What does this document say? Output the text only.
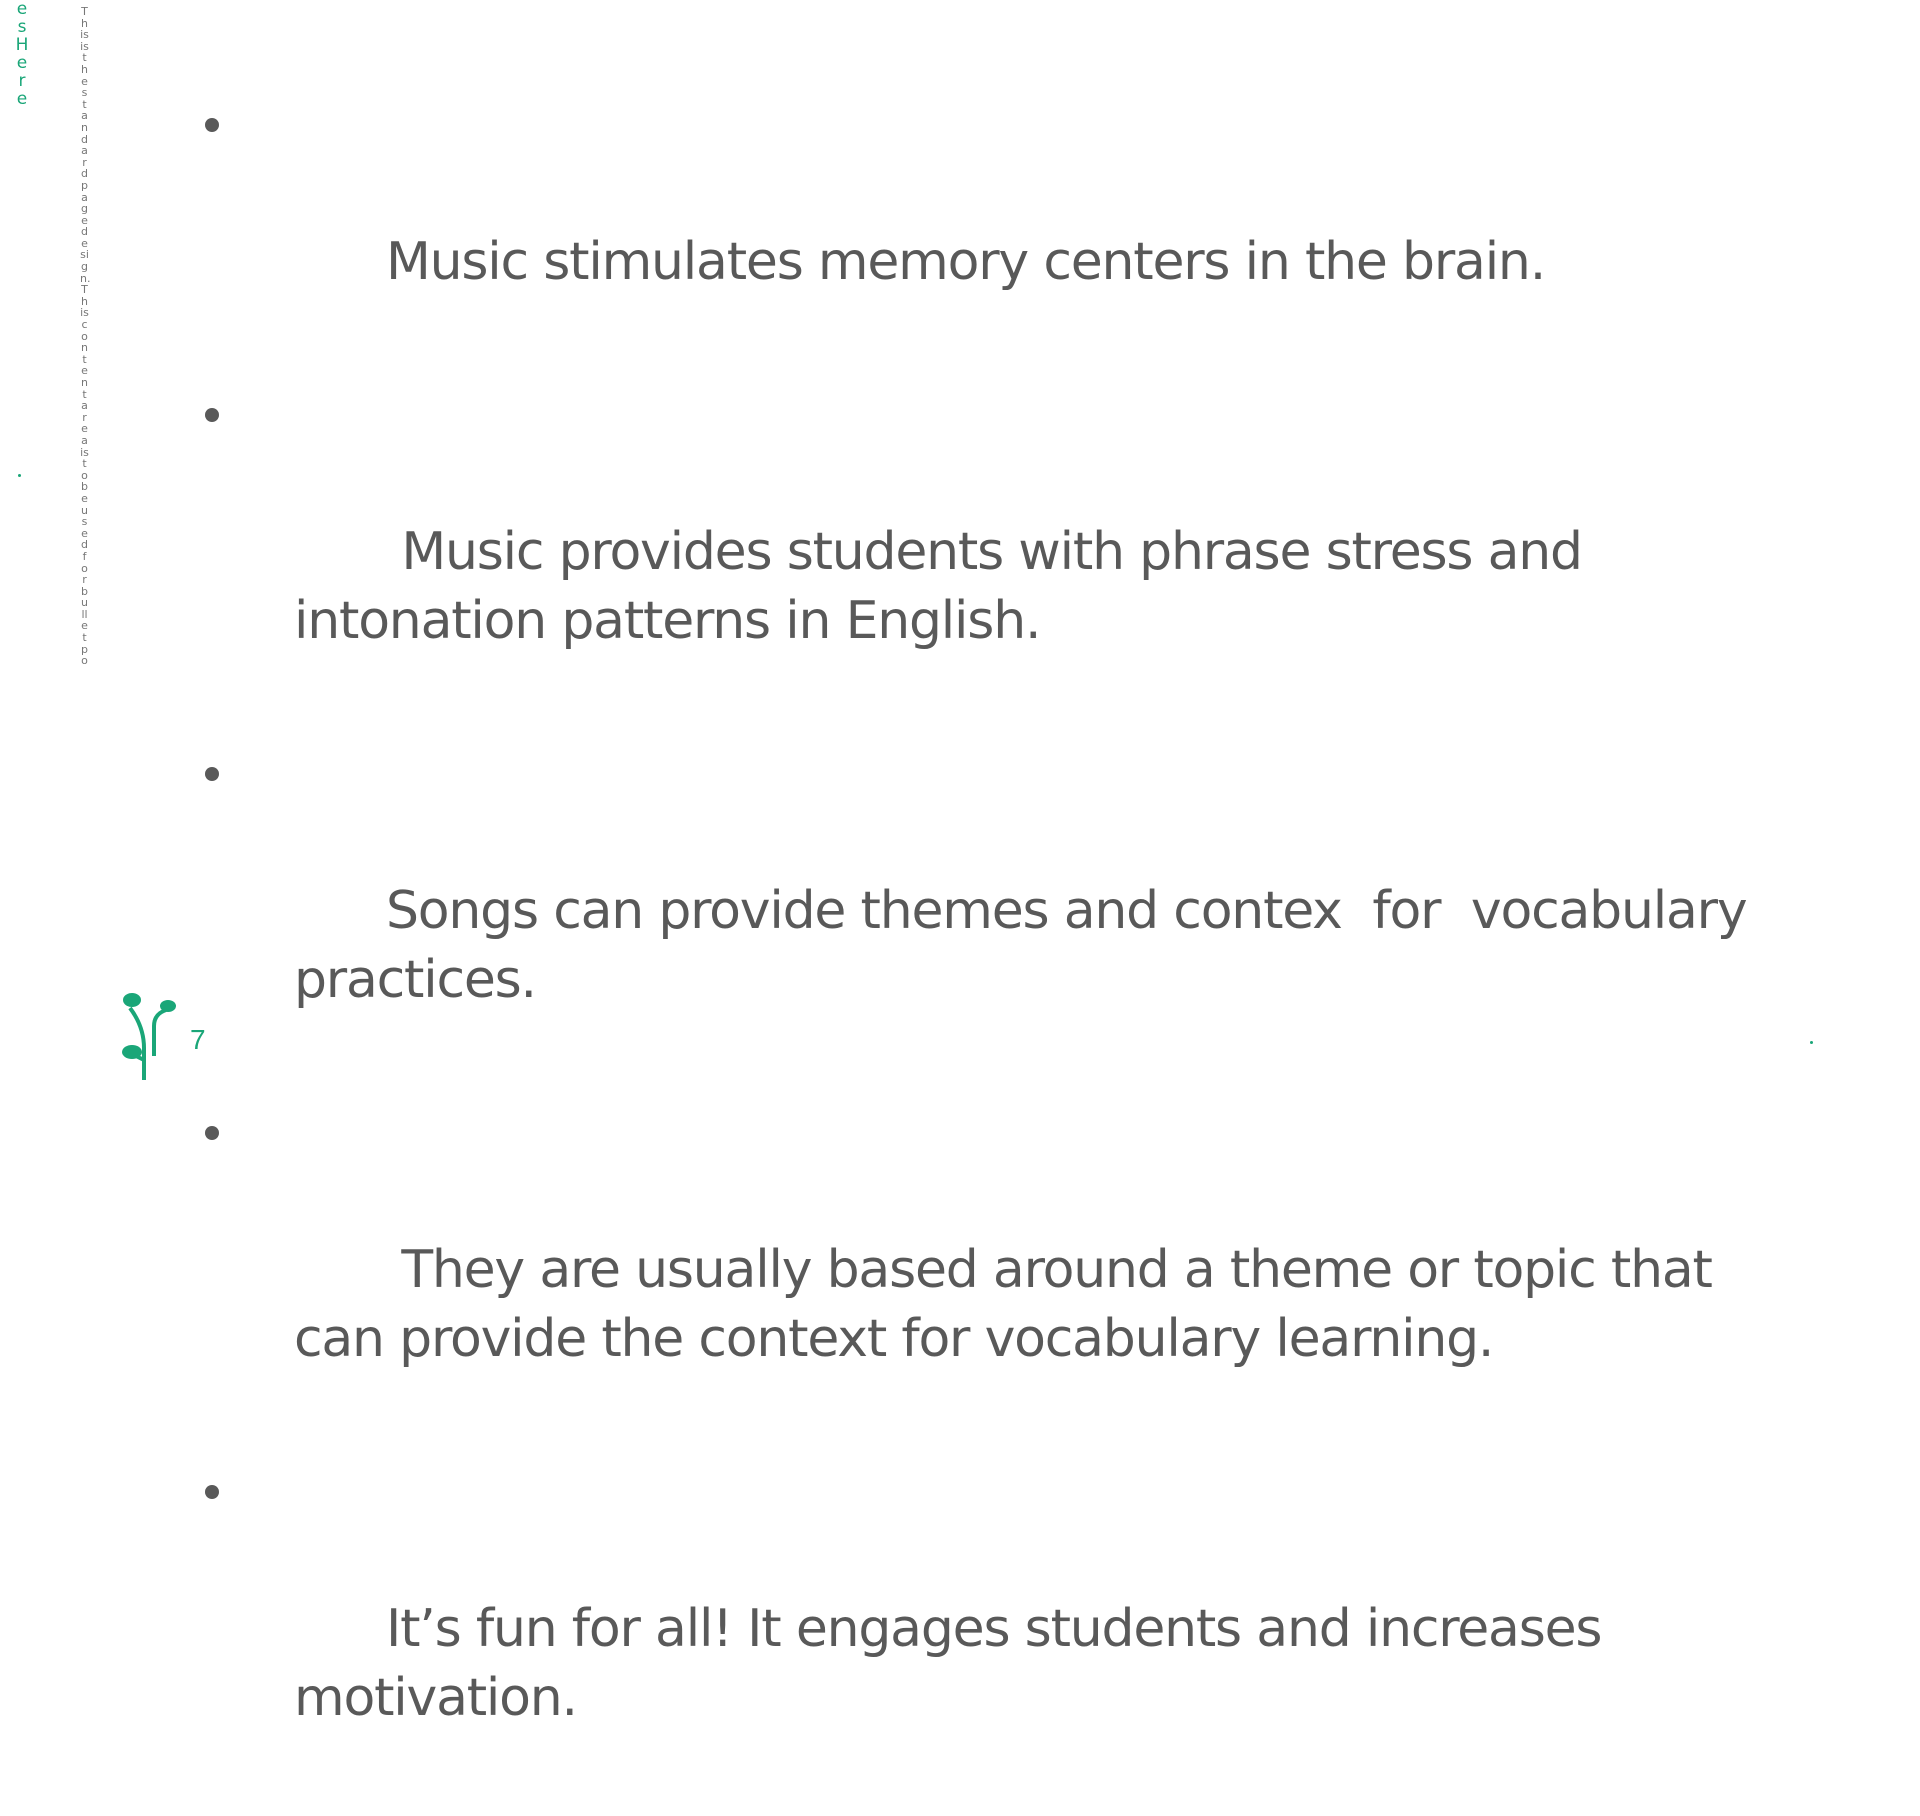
es Here
This is the standard page design. This content area is to be used for bullet po

Music stimulates memory centers in the brain.

Music provides students with phrase stress and intonation patterns in English.

Songs can provide themes and contex  for  vocabulary practices.

They are usually based around a theme or topic that can provide the context for vocabulary learning.

It’s fun for all! It engages students and increases motivation.

7
